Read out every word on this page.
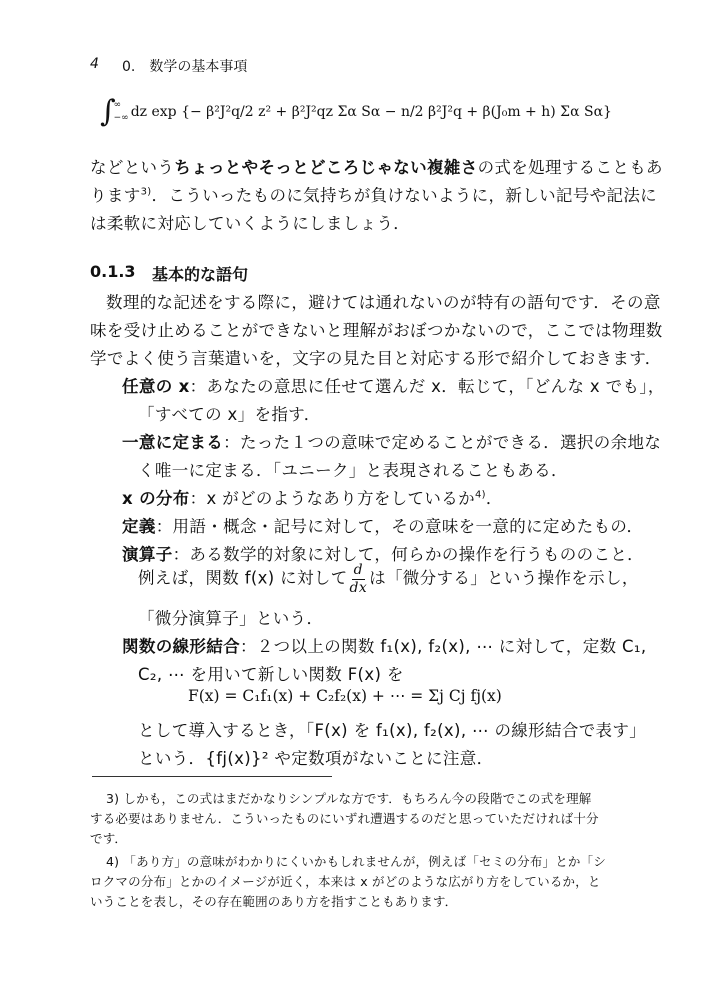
4 0.　数学の基本事項
∫
∞
−∞ dz exp {− β²J²q/2 z² + β²J²qz Σα Sα − n/2 β²J²q + β(J₀m + h) Σα Sα}
などというちょっとやそっとどころじゃない複雑さの式を処理することもあ
ります$^{3)}$．こういったものに気持ちが負けないように，新しい記号や記法に
は柔軟に対応していくようにしましょう．
0.1.3 基本的な語句
数理的な記述をする際に，避けては通れないのが特有の語句です．その意
味を受け止めることができないと理解がおぼつかないので，ここでは物理数
学でよく使う言葉遣いを，文字の見た目と対応する形で紹介しておきます．
任意の x：あなたの意思に任せて選んだ x．転じて，「どんな x でも」，
「すべての x」を指す．
一意に定まる：たった１つの意味で定めることができる．選択の余地な
く唯一に定まる．「ユニーク」と表現されることもある．
x の分布：x がどのようなあり方をしているか$^{4)}$．
定義：用語・概念・記号に対して，その意味を一意的に定めたもの．
演算子：ある数学的対象に対して，何らかの操作を行うもののこと．
例えば，関数 f(x) に対して $\frac{d}{dx}$ は「微分する」という操作を示し，
「微分演算子」という．
関数の線形結合：２つ以上の関数 f₁(x), f₂(x), ⋯ に対して，定数 C₁,
C₂, ⋯ を用いて新しい関数 F(x) を
F(x) = C₁f₁(x) + C₂f₂(x) + ⋯ = Σj Cj fj(x)
として導入するとき，「F(x) を f₁(x), f₂(x), ⋯ の線形結合で表す」
という．{fj(x)}² や定数項がないことに注意．
3) しかも，この式はまだかなりシンプルな方です．もちろん今の段階でこの式を理解
する必要はありません．こういったものにいずれ遭遇するのだと思っていただければ十分
です．
4) 「あり方」の意味がわかりにくいかもしれませんが，例えば「セミの分布」とか「シ
ロクマの分布」とかのイメージが近く，本来は x がどのような広がり方をしているか，と
いうことを表し，その存在範囲のあり方を指すこともあります．
